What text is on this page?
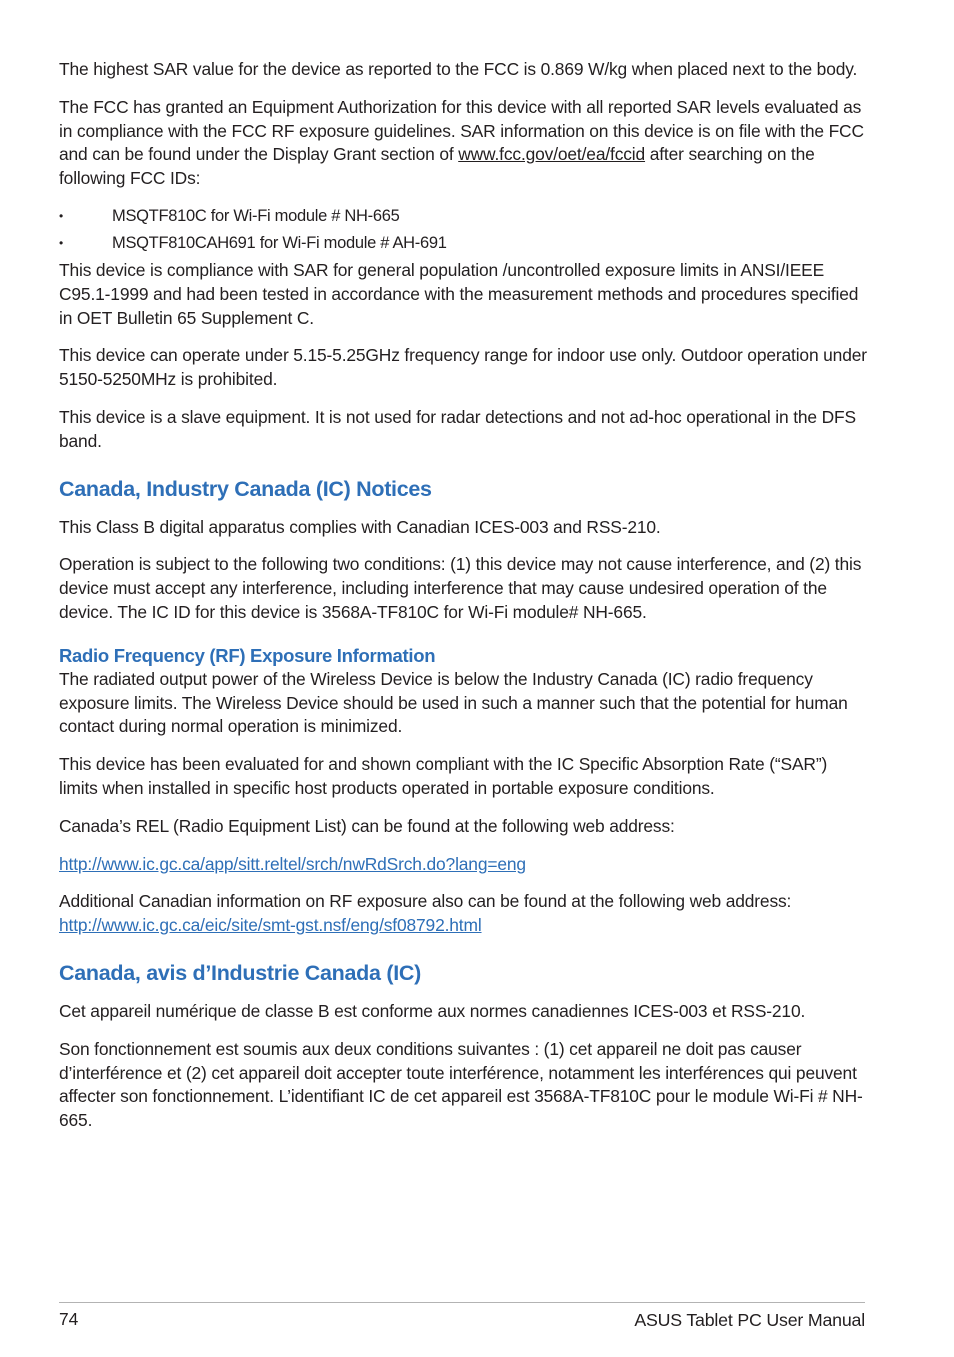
The highest SAR value for the device as reported to the FCC is 0.869 W/kg when placed next to the body.

The FCC has granted an Equipment Authorization for this device with all reported SAR levels evaluated as in compliance with the FCC RF exposure guidelines. SAR information on this device is on file with the FCC and can be found under the Display Grant section of www.fcc.gov/oet/ea/fccid after searching on the following FCC IDs:

•	MSQTF810C for Wi-Fi module # NH-665
•	MSQTF810CAH691 for Wi-Fi module # AH-691

This device is compliance with SAR for general population /uncontrolled exposure limits in ANSI/IEEE C95.1-1999 and had been tested in accordance with the measurement methods and procedures specified in OET Bulletin 65 Supplement C.

This device can operate under 5.15-5.25GHz frequency range for indoor use only. Outdoor operation under 5150-5250MHz is prohibited.

This device is a slave equipment. It is not used for radar detections and not ad-hoc operational in the DFS band.

Canada, Industry Canada (IC) Notices

This Class B digital apparatus complies with Canadian ICES-003 and RSS-210.

Operation is subject to the following two conditions: (1) this device may not cause interference, and (2) this device must accept any interference, including interference that may cause undesired operation of the device. The IC ID for this device is 3568A-TF810C for Wi-Fi module# NH-665.

Radio Frequency (RF) Exposure Information

The radiated output power of the Wireless Device is below the Industry Canada (IC) radio frequency exposure limits. The Wireless Device should be used in such a manner such that the potential for human contact during normal operation is minimized.

This device has been evaluated for and shown compliant with the IC Specific Absorption Rate (“SAR”) limits when installed in specific host products operated in portable exposure conditions.

Canada’s REL (Radio Equipment List) can be found at the following web address:

http://www.ic.gc.ca/app/sitt.reltel/srch/nwRdSrch.do?lang=eng

Additional Canadian information on RF exposure also can be found at the following web address:
http://www.ic.gc.ca/eic/site/smt-gst.nsf/eng/sf08792.html

Canada, avis d’Industrie Canada (IC)

Cet appareil numérique de classe B est conforme aux normes canadiennes ICES-003 et RSS-210.

Son fonctionnement est soumis aux deux conditions suivantes : (1) cet appareil ne doit pas causer d’interférence et (2) cet appareil doit accepter toute interférence, notamment les interférences qui peuvent affecter son fonctionnement. L’identifiant IC de cet appareil est 3568A-TF810C pour le module Wi-Fi # NH-665.

74	ASUS Tablet PC User Manual
